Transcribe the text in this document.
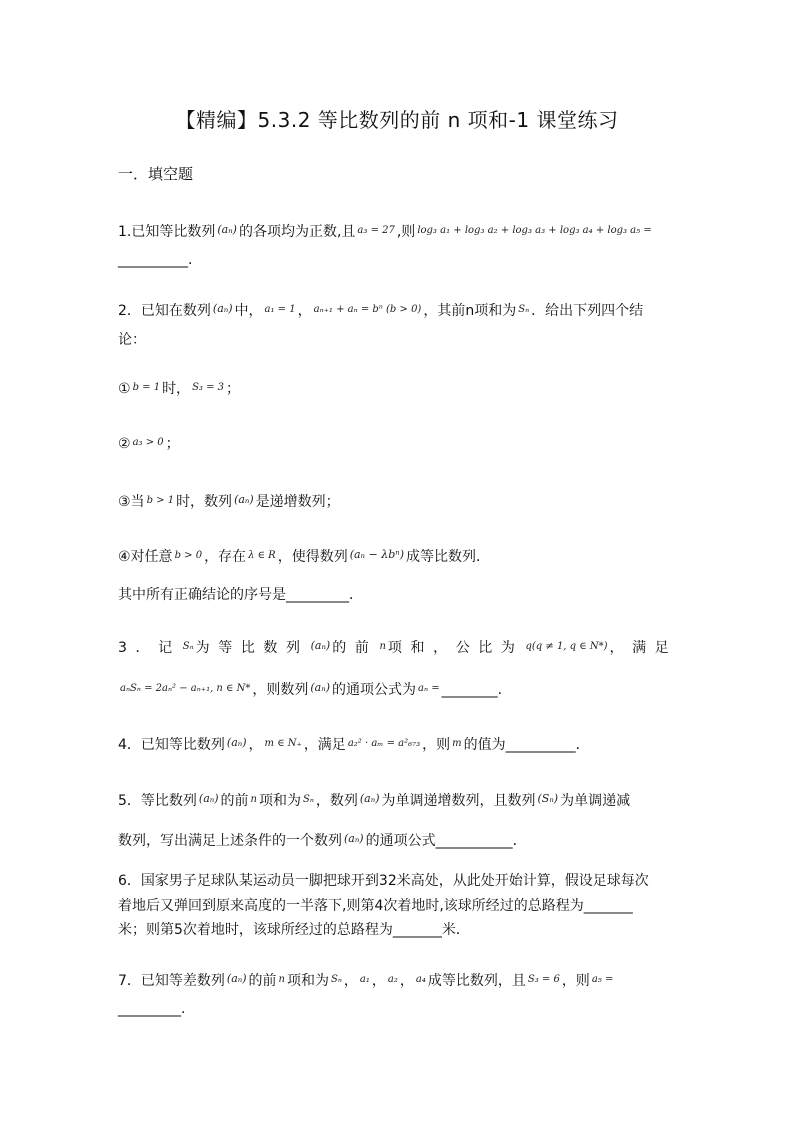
【精编】5.3.2 等比数列的前 n 项和-1 课堂练习
一．填空题
1.已知等比数列 $^{(a_n)}$ 的各项均为正数,且 $^{a_3 = 27}$ ,则 $^{log_3 a_1 + log_3 a_2 + log_3 a_3 + log_3 a_4 + log_3 a_5 =}$
__________.
2．已知在数列 $^{(a_n)}$ 中， $^{a_1 = 1}$ ， $^{a_{n+1} + a_n = b^n (b > 0)}$ ，其前n项和为 $^{S_n}$ ．给出下列四个结
论：
① $^{b = 1}$ 时， $^{S_3 = 3}$ ；
② $^{a_3 > 0}$ ；
③当 $^{b > 1}$ 时，数列 $^{(a_n)}$ 是递增数列；
④对任意 $^{b > 0}$ ，存在 $^{\lambda \in R}$ ，使得数列 $^{(a_n - \lambda b^n)}$ 成等比数列．
其中所有正确结论的序号是_________．
3．记 $^{S_n}$ 为等比数列 $^{(a_n)}$ 的前 $^n$ 项和，公比为 $^{q(q \ne 1, q \in N*)}$ ，满足
$^{a_nS_n = 2a_n^2 - a_{n+1}, n \in N*}$ ，则数列 $^{(a_n)}$ 的通项公式为 $^{a_n =}$ ________.
4．已知等比数列 $^{(a_n)}$ ， $^{m \in N_+}$ ，满足 $^{a_2^2 \cdot a_m = a^2_{673}}$ ，则 $^m$ 的值为__________．
5．等比数列 $^{(a_n)}$ 的前 $^n$ 项和为 $^{S_n}$ ，数列 $^{(a_n)}$ 为单调递增数列，且数列 $^{(S_n)}$ 为单调递减
数列，写出满足上述条件的一个数列 $^{(a_n)}$ 的通项公式___________．
6．国家男子足球队某运动员一脚把球开到32米高处，从此处开始计算，假设足球每次
着地后又弹回到原来高度的一半落下,则第4次着地时,该球所经过的总路程为_______
米；则第5次着地时，该球所经过的总路程为_______米．
7．已知等差数列 $^{(a_n)}$ 的前 $^n$ 项和为 $^{S_n}$ ， $^{a_1}$ ， $^{a_2}$ ， $^{a_4}$ 成等比数列，且 $^{S_3 = 6}$ ，则 $^{a_5 =}$
_________.
